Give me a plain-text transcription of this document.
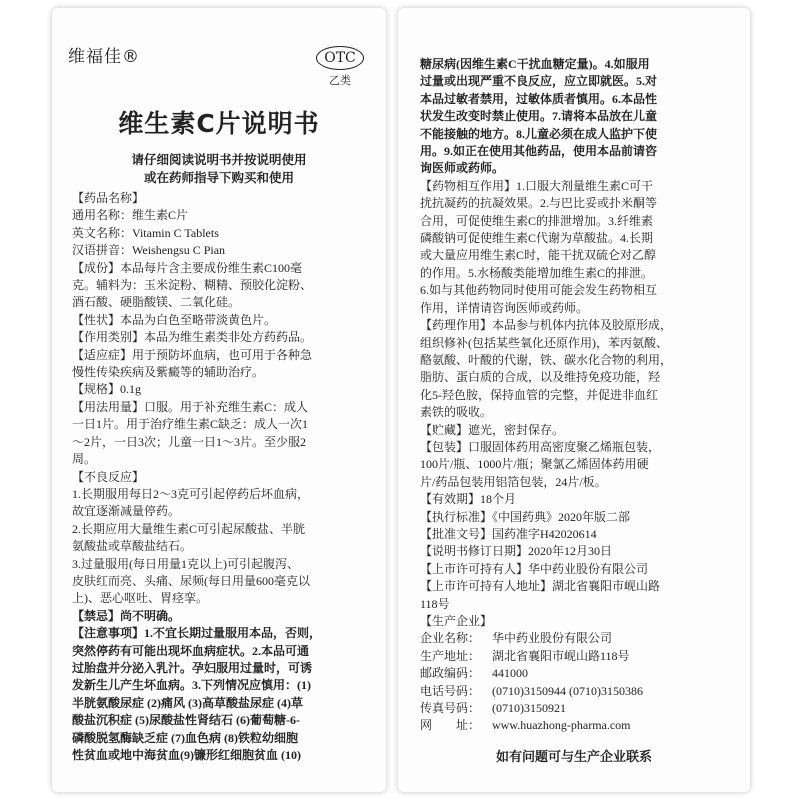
维福佳®	OTC
乙类
维生素C片说明书
请仔细阅读说明书并按说明使用
或在药师指导下购买和使用

【药品名称】

通用名称：维生素C片

英文名称：Vitamin C Tablets

汉语拼音：Weishengsu C Pian

【成份】本品每片含主要成份维生素C100毫

克。辅料为：玉米淀粉、糊精、预胶化淀粉、

酒石酸、硬脂酸镁、二氧化硅。

【性状】本品为白色至略带淡黄色片。

【作用类别】本品为维生素类非处方药药品。

【适应症】用于预防坏血病，也可用于各种急

慢性传染疾病及紫癜等的辅助治疗。

【规格】0.1g

【用法用量】口服。用于补充维生素C：成人

一日1片。用于治疗维生素C缺乏：成人一次1

～2片，一日3次；儿童一日1～3片。至少服2

周。

【不良反应】

1.长期服用每日2～3克可引起停药后坏血病，

故宜逐渐减量停药。

2.长期应用大量维生素C可引起尿酸盐、半胱

氨酸盐或草酸盐结石。

3.过量服用(每日用量1克以上)可引起腹泻、

皮肤红而亮、头痛、尿频(每日用量600毫克以

上)、恶心呕吐、胃痉挛。

【禁忌】尚不明确。

【注意事项】1.不宜长期过量服用本品，否则，

突然停药有可能出现坏血病症状。2.本品可通

过胎盘并分泌入乳汁。孕妇服用过量时，可诱

发新生儿产生坏血病。3.下列情况应慎用：(1)

半胱氨酸尿症 (2)痛风 (3)高草酸盐尿症 (4)草

酸盐沉积症 (5)尿酸盐性肾结石 (6)葡萄糖-6-

磷酸脱氢酶缺乏症 (7)血色病 (8)铁粒幼细胞

性贫血或地中海贫血(9)镰形红细胞贫血 (10)

糖尿病(因维生素C干扰血糖定量)。4.如服用

过量或出现严重不良反应，应立即就医。5.对

本品过敏者禁用，过敏体质者慎用。6.本品性

状发生改变时禁止使用。7.请将本品放在儿童

不能接触的地方。8.儿童必须在成人监护下使

用。9.如正在使用其他药品，使用本品前请咨

询医师或药师。

【药物相互作用】1.口服大剂量维生素C可干

扰抗凝药的抗凝效果。2.与巴比妥或扑米酮等

合用，可促使维生素C的排泄增加。3.纤维素

磷酸钠可促使维生素C代谢为草酸盐。4.长期

或大量应用维生素C时，能干扰双硫仑对乙醇

的作用。5.水杨酸类能增加维生素C的排泄。

6.如与其他药物同时使用可能会发生药物相互

作用，详情请咨询医师或药师。

【药理作用】本品参与机体内抗体及胶原形成，

组织修补(包括某些氧化还原作用)，苯丙氨酸、

酪氨酸、叶酸的代谢，铁、碳水化合物的利用，

脂肪、蛋白质的合成，以及维持免疫功能，羟

化5-羟色胺，保持血管的完整，并促进非血红

素铁的吸收。

【贮藏】遮光，密封保存。

【包装】口服固体药用高密度聚乙烯瓶包装，

100片/瓶、1000片/瓶；聚氯乙烯固体药用硬

片/药品包装用铝箔包装，24片/板。

【有效期】18个月

【执行标准】《中国药典》2020年版二部

【批准文号】国药准字H42020614

【说明书修订日期】2020年12月30日

【上市许可持有人】华中药业股份有限公司

【上市许可持有人地址】湖北省襄阳市岘山路

118号

【生产企业】

企业名称： 华中药业股份有限公司
生产地址： 湖北省襄阳市岘山路118号
邮政编码： 441000
电话号码： (0710)3150944 (0710)3150386
传真号码： (0710)3150921
网　　址： www.huazhong-pharma.com
如有问题可与生产企业联系
